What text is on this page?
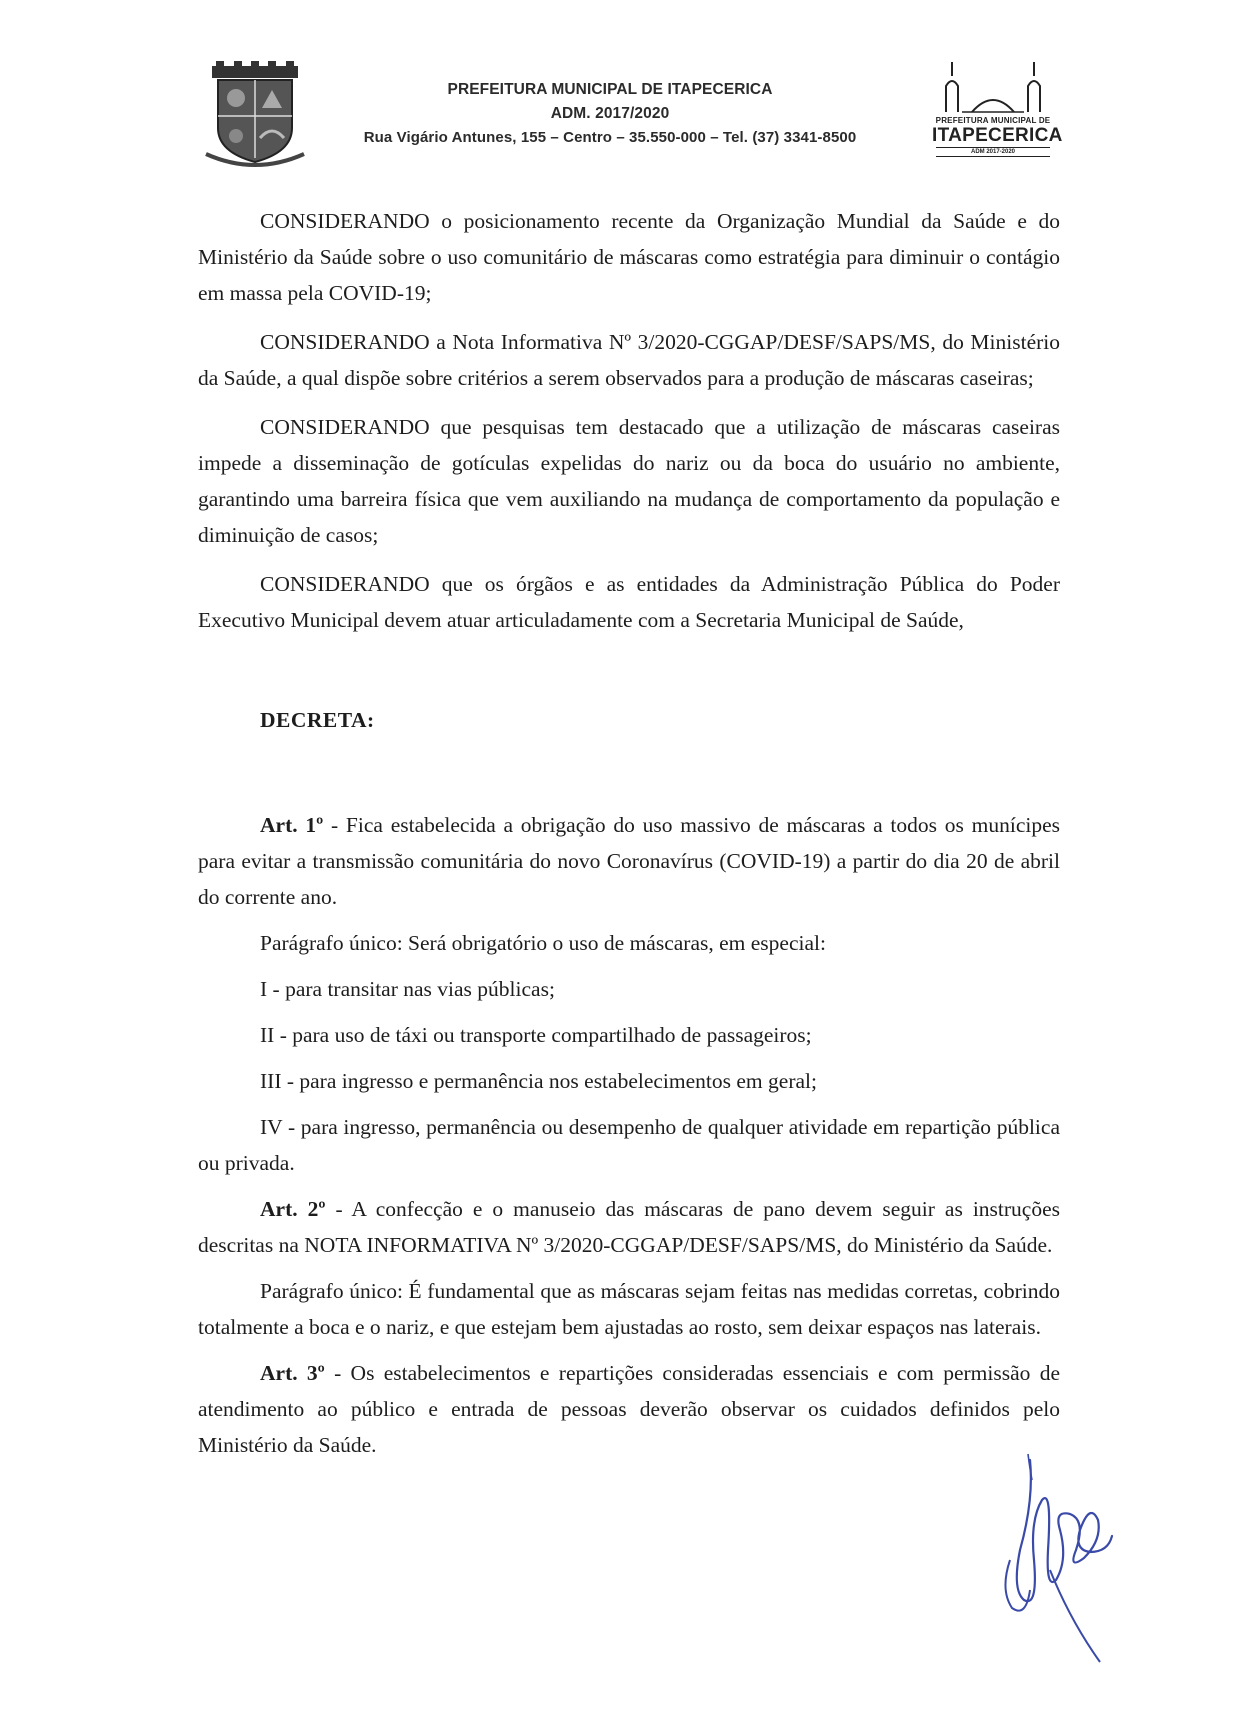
PREFEITURA MUNICIPAL DE ITAPECERICA
ADM. 2017/2020
Rua Vigário Antunes, 155 – Centro – 35.550-000 – Tel. (37) 3341-8500
PREFEITURA MUNICIPAL DE
ITAPECERICA
ADM 2017-2020

CONSIDERANDO o posicionamento recente da Organização Mundial da Saúde e do Ministério da Saúde sobre o uso comunitário de máscaras como estratégia para diminuir o contágio em massa pela COVID-19;

CONSIDERANDO a Nota Informativa Nº 3/2020-CGGAP/DESF/SAPS/MS, do Ministério da Saúde, a qual dispõe sobre critérios a serem observados para a produção de máscaras caseiras;

CONSIDERANDO que pesquisas tem destacado que a utilização de máscaras caseiras impede a disseminação de gotículas expelidas do nariz ou da boca do usuário no ambiente, garantindo uma barreira física que vem auxiliando na mudança de comportamento da população e diminuição de casos;

CONSIDERANDO que os órgãos e as entidades da Administração Pública do Poder Executivo Municipal devem atuar articuladamente com a Secretaria Municipal de Saúde,

DECRETA:

Art. 1º - Fica estabelecida a obrigação do uso massivo de máscaras a todos os munícipes para evitar a transmissão comunitária do novo Coronavírus (COVID-19) a partir do dia 20 de abril do corrente ano.

Parágrafo único: Será obrigatório o uso de máscaras, em especial:

I - para transitar nas vias públicas;

II - para uso de táxi ou transporte compartilhado de passageiros;

III - para ingresso e permanência nos estabelecimentos em geral;

IV - para ingresso, permanência ou desempenho de qualquer atividade em repartição pública ou privada.

Art. 2º - A confecção e o manuseio das máscaras de pano devem seguir as instruções descritas na NOTA INFORMATIVA Nº 3/2020-CGGAP/DESF/SAPS/MS, do Ministério da Saúde.

Parágrafo único: É fundamental que as máscaras sejam feitas nas medidas corretas, cobrindo totalmente a boca e o nariz, e que estejam bem ajustadas ao rosto, sem deixar espaços nas laterais.

Art. 3º - Os estabelecimentos e repartições consideradas essenciais e com permissão de atendimento ao público e entrada de pessoas deverão observar os cuidados definidos pelo Ministério da Saúde.
